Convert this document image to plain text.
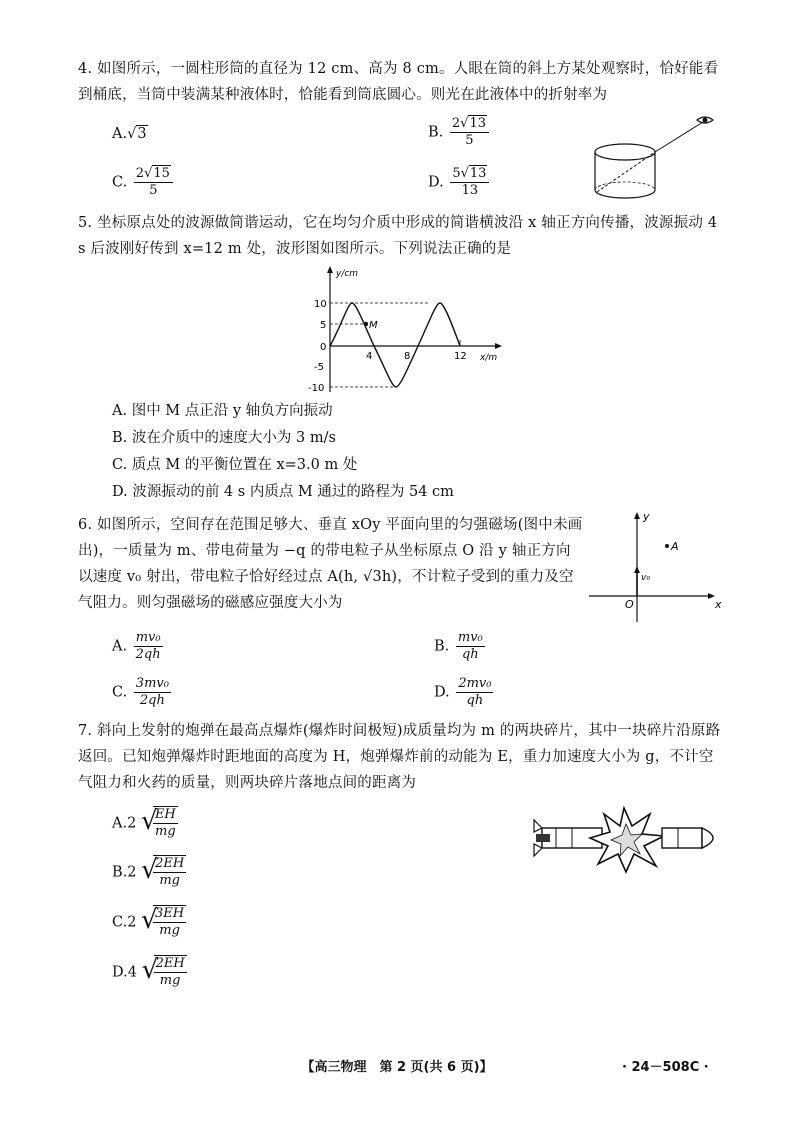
4. 如图所示，一圆柱形筒的直径为 12 cm、高为 8 cm。人眼在筒的斜上方某处观察时，恰好能看到桶底，当筒中装满某种液体时，恰能看到筒底圆心。则光在此液体中的折射率为
A.√3	B. $\frac{2√13}{5}$
C. $\frac{2√15}{5}$	D. $\frac{5√13}{13}$
5. 坐标原点处的波源做简谐运动，它在均匀介质中形成的简谐横波沿 x 轴正方向传播，波源振动 4 s 后波刚好传到 x=12 m 处，波形图如图所示。下列说法正确的是
y/cm
x/m
10
5
0
-5
-10
4	8	12
M
A. 图中 M 点正沿 y 轴负方向振动
B. 波在介质中的速度大小为 3 m/s
C. 质点 M 的平衡位置在 x=3.0 m 处
D. 波源振动的前 4 s 内质点 M 通过的路程为 54 cm
6. 如图所示，空间存在范围足够大、垂直 xOy 平面向里的匀强磁场(图中未画出)，一质量为 m、带电荷量为 −q 的带电粒子从坐标原点 O 沿 y 轴正方向以速度 v₀ 射出，带电粒子恰好经过点 A(h, √3h)，不计粒子受到的重力及空气阻力。则匀强磁场的磁感应强度大小为
y
x
O
v₀
A
A. $\frac{\text{mv₀}}{2qh}$	B. $\frac{\text{mv₀}}{qh}$
C. $\frac{\text{3mv₀}}{2qh}$	D. $\frac{\text{2mv₀}}{qh}$
7. 斜向上发射的炮弹在最高点爆炸(爆炸时间极短)成质量均为 m 的两块碎片，其中一块碎片沿原路返回。已知炮弹爆炸时距地面的高度为 H，炮弹爆炸前的动能为 E，重力加速度大小为 g，不计空气阻力和火药的质量，则两块碎片落地点间的距离为
A.2 √
$\frac{EH}{mg}$
B.2 √
$\frac{2EH}{mg}$
C.2 √
$\frac{3EH}{mg}$
D.4 √
$\frac{2EH}{mg}$
【高三物理　第 2 页(共 6 页)】	· 24－508C ·
